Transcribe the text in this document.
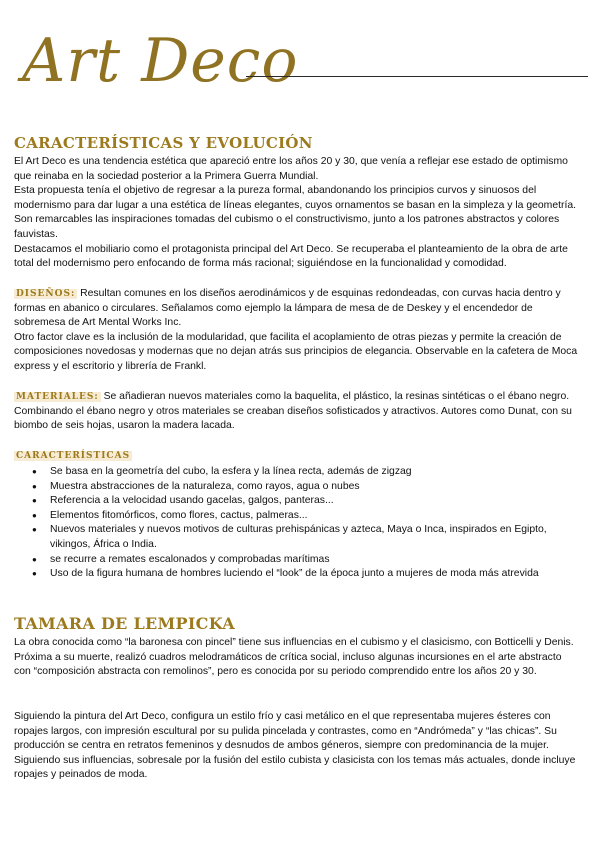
Art Deco
CARACTERÍSTICAS Y EVOLUCIÓN

El Art Deco es una tendencia estética que apareció entre los años 20 y 30, que venía a reflejar ese estado de optimismo que reinaba en la sociedad posterior a la Primera Guerra Mundial.

Esta propuesta tenía el objetivo de regresar a la pureza formal, abandonando los principios curvos y sinuosos del modernismo para dar lugar a una estética de líneas elegantes, cuyos ornamentos se basan en la simpleza y la geometría. Son remarcables las inspiraciones tomadas del cubismo o el constructivismo, junto a los patrones abstractos y colores fauvistas.

Destacamos el mobiliario como el protagonista principal del Art Deco. Se recuperaba el planteamiento de la obra de arte total del modernismo pero enfocando de forma más racional; siguiéndose en la funcionalidad y comodidad.

DISEÑOS: Resultan comunes en los diseños aerodinámicos y de esquinas redondeadas, con curvas hacia dentro y formas en abanico o circulares. Señalamos como ejemplo la lámpara de mesa de de Deskey y el encendedor de sobremesa de Art Mental Works Inc.

Otro factor clave es la inclusión de la modularidad, que facilita el acoplamiento de otras piezas y permite la creación de composiciones novedosas y modernas que no dejan atrás sus principios de elegancia. Observable en la cafetera de Moca express y el escritorio y librería de Frankl.

MATERIALES: Se añadieran nuevos materiales como la baquelita, el plástico, la resinas sintéticas o el ébano negro. Combinando el ébano negro y otros materiales se creaban diseños sofisticados y atractivos. Autores como Dunat, con su biombo de seis hojas, usaron la madera lacada.

CARACTERÍSTICAS
● Se basa en la geometría del cubo, la esfera y la línea recta, además de zigzag
● Muestra abstracciones de la naturaleza, como rayos, agua o nubes
● Referencia a la velocidad usando gacelas, galgos, panteras...
● Elementos fitomórficos, como flores, cactus, palmeras...
● Nuevos materiales y nuevos motivos de culturas prehispánicas y azteca, Maya o Inca, inspirados en Egipto, vikingos, África o India.
● se recurre a remates escalonados y comprobadas marítimas
● Uso de la figura humana de hombres luciendo el “look” de la época junto a mujeres de moda más atrevida
TAMARA DE LEMPICKA

La obra conocida como “la baronesa con pincel” tiene sus influencias en el cubismo y el clasicismo, con Botticelli y Denis. Próxima a su muerte, realizó cuadros melodramáticos de crítica social, incluso algunas incursiones en el arte abstracto con “composición abstracta con remolinos”, pero es conocida por su periodo comprendido entre los años 20 y 30.

Siguiendo la pintura del Art Deco, configura un estilo frío y casi metálico en el que representaba mujeres ésteres con ropajes largos, con impresión escultural por su pulida pincelada y contrastes, como en “Andrómeda” y “las chicas”. Su producción se centra en retratos femeninos y desnudos de ambos géneros, siempre con predominancia de la mujer.

Siguiendo sus influencias, sobresale por la fusión del estilo cubista y clasicista con los temas más actuales, donde incluye ropajes y peinados de moda.
